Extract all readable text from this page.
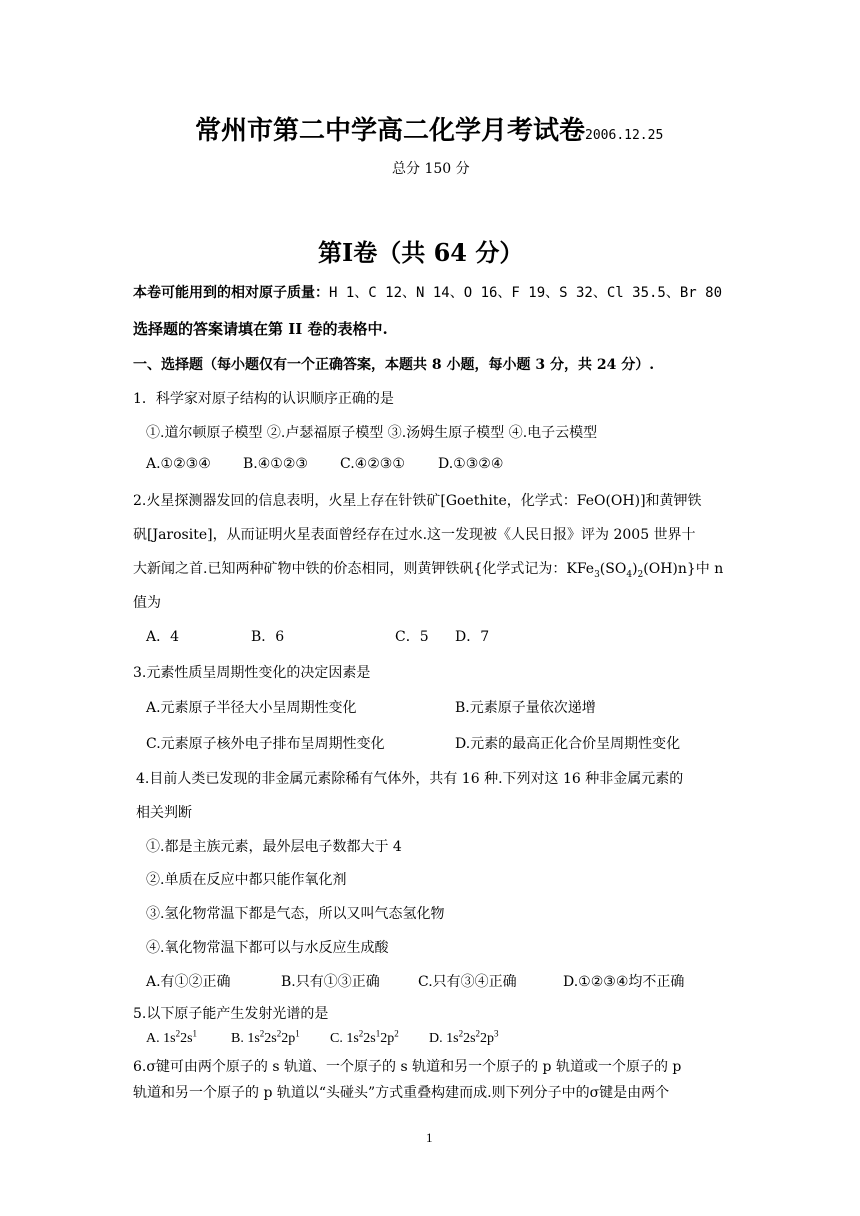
常州市第二中学高二化学月考试卷2006.12.25
总分 150 分
第Ⅰ卷（共 64 分）
本卷可能用到的相对原子质量：H 1、C 12、N 14、O 16、F 19、S 32、Cl 35.5、Br 80
选择题的答案请填在第 II 卷的表格中.
一、选择题（每小题仅有一个正确答案，本题共 8 小题，每小题 3 分，共 24 分）.
1．科学家对原子结构的认识顺序正确的是
①.道尔顿原子模型 ②.卢瑟福原子模型 ③.汤姆生原子模型 ④.电子云模型
A.①②③④ B.④①②③ C.④②③① D.①③②④
2.火星探测器发回的信息表明，火星上存在针铁矿[Goethite，化学式：FeO(OH)]和黄钾铁
矾[Jarosite]，从而证明火星表面曾经存在过水.这一发现被《人民日报》评为 2005 世界十
大新闻之首.已知两种矿物中铁的价态相同，则黄钾铁矾{化学式记为：$KFe_3(SO_4)_2(OH)n$}中 n
值为
A．4	B．6	C．5 D．7
3.元素性质呈周期性变化的决定因素是
A.元素原子半径大小呈周期性变化	B.元素原子量依次递增
C.元素原子核外电子排布呈周期性变化	D.元素的最高正化合价呈周期性变化
4.目前人类已发现的非金属元素除稀有气体外，共有 16 种.下列对这 16 种非金属元素的
相关判断
①.都是主族元素，最外层电子数都大于 4
②.单质在反应中都只能作氧化剂
③.氢化物常温下都是气态，所以又叫气态氢化物
④.氧化物常温下都可以与水反应生成酸
A.有①②正确	B.只有①③正确	C.只有③④正确	D.①②③④均不正确
5.以下原子能产生发射光谱的是
A. $1s^22s^1$ B. $1s^22s^22p^1$ C. $1s^22s^12p^2$ D. $1s^22s^22p^3$
6.σ键可由两个原子的 s 轨道、一个原子的 s 轨道和另一个原子的 p 轨道或一个原子的 p
轨道和另一个原子的 p 轨道以“头碰头”方式重叠构建而成.则下列分子中的σ键是由两个
1
